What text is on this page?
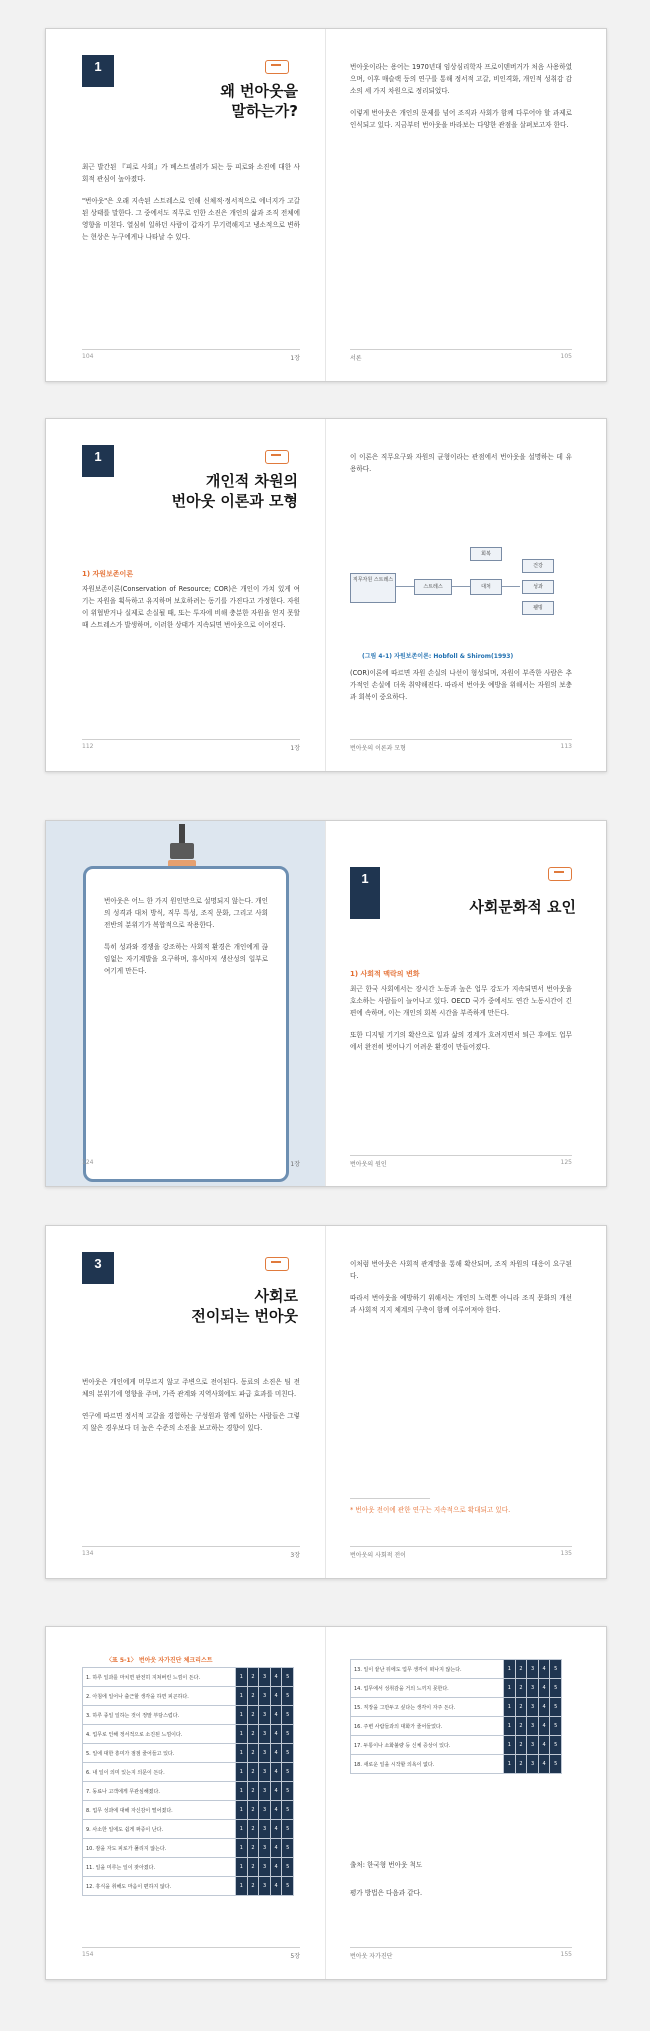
1
왜 번아웃을
말하는가?

최근 발간된 『피로 사회』가 베스트셀러가 되는 등 피로와 소진에 대한 사회적 관심이 높아졌다.

"번아웃"은 오래 지속된 스트레스로 인해 신체적·정서적으로 에너지가 고갈된 상태를 말한다. 그 중에서도 직무로 인한 소진은 개인의 삶과 조직 전체에 영향을 미친다. 열심히 일하던 사람이 갑자기 무기력해지고 냉소적으로 변하는 현상은 누구에게나 나타날 수 있다.

104	1장

번아웃이라는 용어는 1970년대 임상심리학자 프로이덴버거가 처음 사용하였으며, 이후 매슬랙 등의 연구를 통해 정서적 고갈, 비인격화, 개인적 성취감 감소의 세 가지 차원으로 정리되었다.

이렇게 번아웃은 개인의 문제를 넘어 조직과 사회가 함께 다루어야 할 과제로 인식되고 있다. 지금부터 번아웃을 바라보는 다양한 관점을 살펴보고자 한다.

서론	105
1
개인적 차원의
번아웃 이론과 모형
1) 자원보존이론

자원보존이론(Conservation of Resource; COR)은 개인이 가치 있게 여기는 자원을 획득하고 유지하며 보호하려는 동기를 가진다고 가정한다. 자원이 위협받거나 실제로 손실될 때, 또는 투자에 비해 충분한 자원을 얻지 못할 때 스트레스가 발생하며, 이러한 상태가 지속되면 번아웃으로 이어진다.

112	1장

이 이론은 직무요구와 자원의 균형이라는 관점에서 번아웃을 설명하는 데 유용하다.

직무자원 스트레스
스트레스	대처
회복
건강
성과
웰빙
(그림 4-1) 자원보존이론: Hobfoll & Shirom(1993)

(COR)이론에 따르면 자원 손실의 나선이 형성되며, 자원이 부족한 사람은 추가적인 손실에 더욱 취약해진다. 따라서 번아웃 예방을 위해서는 자원의 보충과 회복이 중요하다.

번아웃의 이론과 모형	113

번아웃은 어느 한 가지 원인만으로 설명되지 않는다. 개인의 성격과 대처 방식, 직무 특성, 조직 문화, 그리고 사회 전반의 분위기가 복합적으로 작용한다.

특히 성과와 경쟁을 강조하는 사회적 환경은 개인에게 끊임없는 자기계발을 요구하며, 휴식마저 생산성의 일부로 여기게 만든다.

124	1장
1
사회문화적 요인
1) 사회적 맥락의 변화

최근 한국 사회에서는 장시간 노동과 높은 업무 강도가 지속되면서 번아웃을 호소하는 사람들이 늘어나고 있다. OECD 국가 중에서도 연간 노동시간이 긴 편에 속하며, 이는 개인의 회복 시간을 부족하게 만든다.

또한 디지털 기기의 확산으로 일과 삶의 경계가 흐려지면서 퇴근 후에도 업무에서 완전히 벗어나기 어려운 환경이 만들어졌다.

번아웃의 원인	125
3
사회로
전이되는 번아웃

번아웃은 개인에게 머무르지 않고 주변으로 전이된다. 동료의 소진은 팀 전체의 분위기에 영향을 주며, 가족 관계와 지역사회에도 파급 효과를 미친다.

연구에 따르면 정서적 고갈을 경험하는 구성원과 함께 일하는 사람들은 그렇지 않은 경우보다 더 높은 수준의 소진을 보고하는 경향이 있다.

134	3장

이처럼 번아웃은 사회적 관계망을 통해 확산되며, 조직 차원의 대응이 요구된다.

따라서 번아웃을 예방하기 위해서는 개인의 노력뿐 아니라 조직 문화의 개선과 사회적 지지 체계의 구축이 함께 이루어져야 한다.

* 번아웃 전이에 관한 연구는 지속적으로 확대되고 있다.
번아웃의 사회적 전이	135
〈표 5-1〉 번아웃 자가진단 체크리스트
1. 하루 일과를 마치면 완전히 지쳐버린 느낌이 든다.	1	2	3	4	5
2. 아침에 일어나 출근할 생각을 하면 피곤하다.	1	2	3	4	5
3. 하루 종일 일하는 것이 정말 부담스럽다.	1	2	3	4	5
4. 업무로 인해 정서적으로 소진된 느낌이다.	1	2	3	4	5
5. 일에 대한 흥미가 점점 줄어들고 있다.	1	2	3	4	5
6. 내 일이 의미 있는지 의문이 든다.	1	2	3	4	5
7. 동료나 고객에게 무관심해졌다.	1	2	3	4	5
8. 업무 성과에 대해 자신감이 떨어졌다.	1	2	3	4	5
9. 사소한 일에도 쉽게 짜증이 난다.	1	2	3	4	5
10. 잠을 자도 피로가 풀리지 않는다.	1	2	3	4	5
11. 일을 미루는 일이 잦아졌다.	1	2	3	4	5
12. 휴식을 취해도 마음이 편하지 않다.	1	2	3	4	5
154	5장
13. 일이 끝난 뒤에도 업무 생각이 떠나지 않는다.	1	2	3	4	5
14. 업무에서 성취감을 거의 느끼지 못한다.	1	2	3	4	5
15. 직장을 그만두고 싶다는 생각이 자주 든다.	1	2	3	4	5
16. 주변 사람들과의 대화가 줄어들었다.	1	2	3	4	5
17. 두통이나 소화불량 등 신체 증상이 있다.	1	2	3	4	5
18. 새로운 일을 시작할 의욕이 없다.	1	2	3	4	5
출처: 한국형 번아웃 척도
평가 방법은 다음과 같다.
번아웃 자가진단	155
